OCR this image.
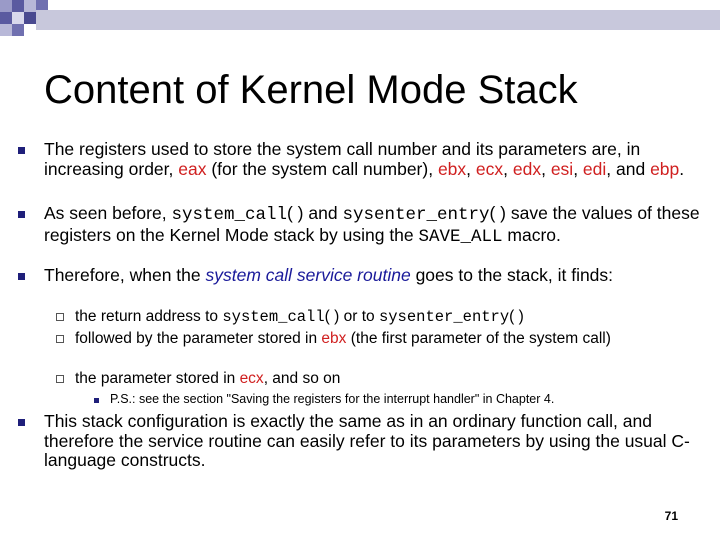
Content of Kernel Mode Stack
The registers used to store the system call number and its parameters are, in increasing order, eax (for the system call number), ebx, ecx, edx, esi, edi, and ebp.
As seen before, system_call( ) and sysenter_entry( ) save the values of these registers on the Kernel Mode stack by using the SAVE_ALL macro.
Therefore, when the system call service routine goes to the stack, it finds:
the return address to system_call( ) or to sysenter_entry( )
followed by the parameter stored in ebx (the first parameter of the system call)
the parameter stored in ecx, and so on
P.S.: see the section "Saving the registers for the interrupt handler" in Chapter 4.
This stack configuration is exactly the same as in an ordinary function call, and therefore the service routine can easily refer to its parameters by using the usual C-language constructs.
71
